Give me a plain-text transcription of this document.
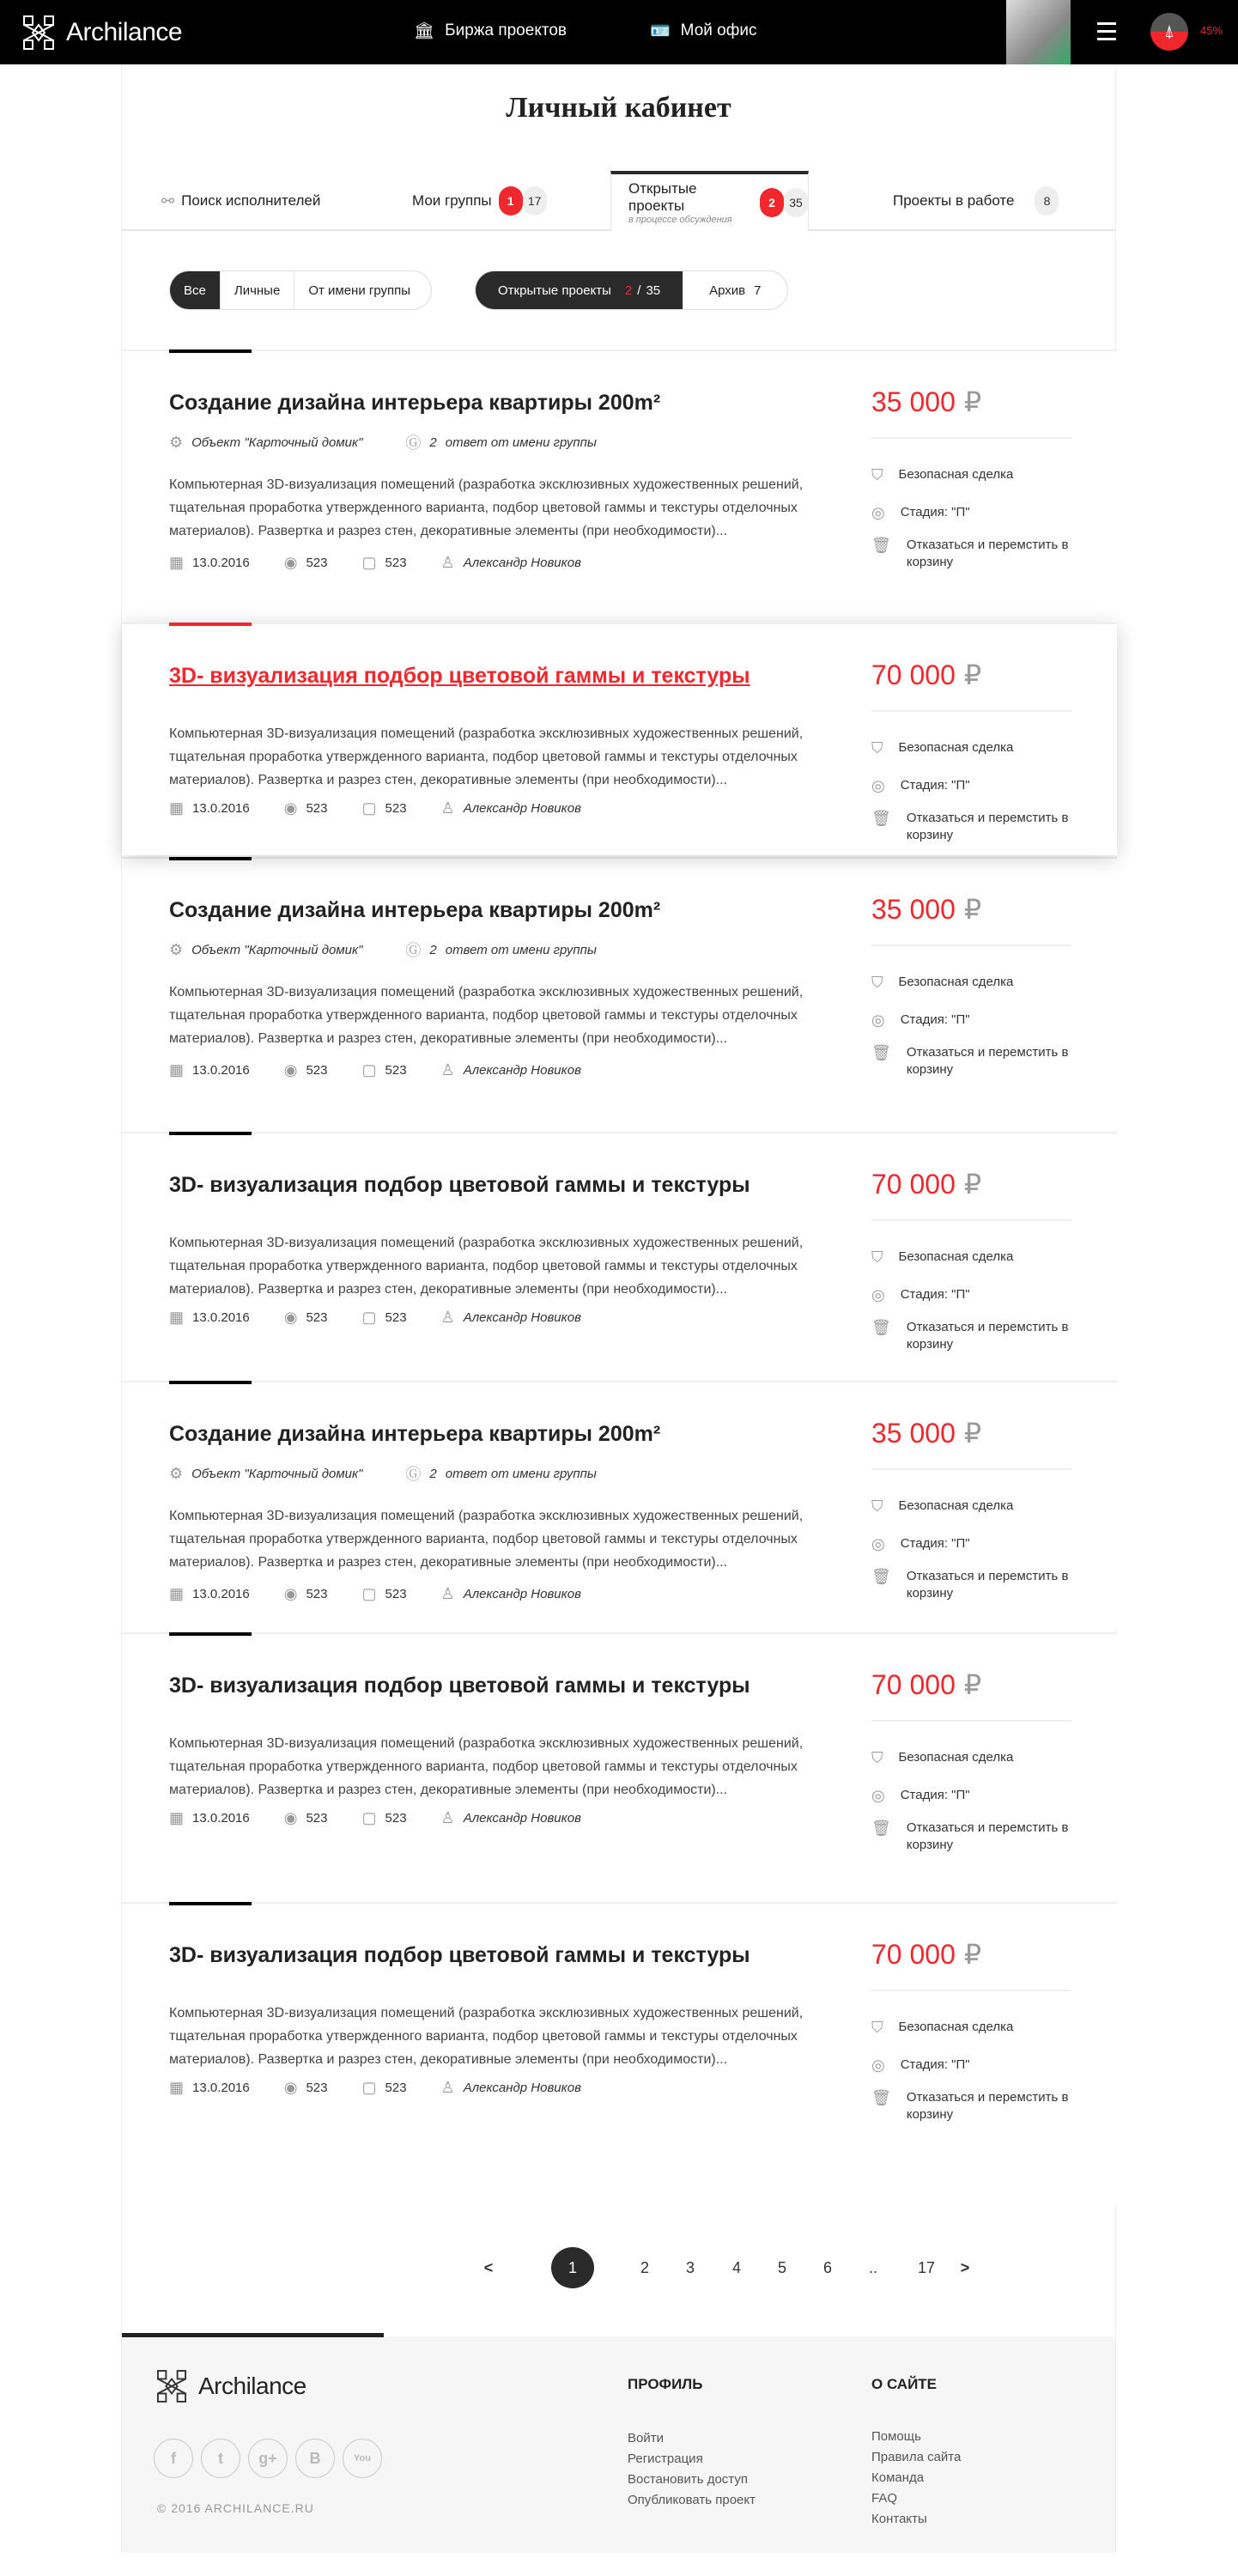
Archilance	🏛 Биржа проектов	🪪 Мой офис	⍋	45%
Личный кабинет
⚯ Поиск исполнителей	Мои группы	1	17
Открытые проекты
в процессе обсуждения
2	35	Проекты в работе	8
Все	Личные	От имени группы	Открытые проекты 2 / 35	Архив 7
Создание дизайна интерьера квартиры 200m²
⚙ Объект "Карточный домик"	Ⓖ 2 ответ от имени группы

Компьютерная 3D-визуализация помещений (разработка эксклюзивных художественных решений, тщательная проработка утвержденного варианта, подбор цветовой гаммы и текстуры отделочных материалов). Развертка и разрез стен, декоративные элементы (при необходимости)...

▦ 13.0.2016 ◉ 523 ▢ 523 ♙ Александр Новиков
35 000 ₽
⛉ Безопасная сделка
◎ Стадия: "П"
🗑 Отказаться и перемстить в корзину
3D- визуализация подбор цветовой гаммы и текстуры

Компьютерная 3D-визуализация помещений (разработка эксклюзивных художественных решений, тщательная проработка утвержденного варианта, подбор цветовой гаммы и текстуры отделочных материалов). Развертка и разрез стен, декоративные элементы (при необходимости)...

▦ 13.0.2016 ◉ 523 ▢ 523 ♙ Александр Новиков
70 000 ₽
⛉ Безопасная сделка
◎ Стадия: "П"
🗑 Отказаться и перемстить в корзину
Создание дизайна интерьера квартиры 200m²
⚙ Объект "Карточный домик"	Ⓖ 2 ответ от имени группы

Компьютерная 3D-визуализация помещений (разработка эксклюзивных художественных решений, тщательная проработка утвержденного варианта, подбор цветовой гаммы и текстуры отделочных материалов). Развертка и разрез стен, декоративные элементы (при необходимости)...

▦ 13.0.2016 ◉ 523 ▢ 523 ♙ Александр Новиков
35 000 ₽
⛉ Безопасная сделка
◎ Стадия: "П"
🗑 Отказаться и перемстить в корзину
3D- визуализация подбор цветовой гаммы и текстуры

Компьютерная 3D-визуализация помещений (разработка эксклюзивных художественных решений, тщательная проработка утвержденного варианта, подбор цветовой гаммы и текстуры отделочных материалов). Развертка и разрез стен, декоративные элементы (при необходимости)...

▦ 13.0.2016 ◉ 523 ▢ 523 ♙ Александр Новиков
70 000 ₽
⛉ Безопасная сделка
◎ Стадия: "П"
🗑 Отказаться и перемстить в корзину
Создание дизайна интерьера квартиры 200m²
⚙ Объект "Карточный домик"	Ⓖ 2 ответ от имени группы

Компьютерная 3D-визуализация помещений (разработка эксклюзивных художественных решений, тщательная проработка утвержденного варианта, подбор цветовой гаммы и текстуры отделочных материалов). Развертка и разрез стен, декоративные элементы (при необходимости)...

▦ 13.0.2016 ◉ 523 ▢ 523 ♙ Александр Новиков
35 000 ₽
⛉ Безопасная сделка
◎ Стадия: "П"
🗑 Отказаться и перемстить в корзину
3D- визуализация подбор цветовой гаммы и текстуры

Компьютерная 3D-визуализация помещений (разработка эксклюзивных художественных решений, тщательная проработка утвержденного варианта, подбор цветовой гаммы и текстуры отделочных материалов). Развертка и разрез стен, декоративные элементы (при необходимости)...

▦ 13.0.2016 ◉ 523 ▢ 523 ♙ Александр Новиков
70 000 ₽
⛉ Безопасная сделка
◎ Стадия: "П"
🗑 Отказаться и перемстить в корзину
3D- визуализация подбор цветовой гаммы и текстуры

Компьютерная 3D-визуализация помещений (разработка эксклюзивных художественных решений, тщательная проработка утвержденного варианта, подбор цветовой гаммы и текстуры отделочных материалов). Развертка и разрез стен, декоративные элементы (при необходимости)...

▦ 13.0.2016 ◉ 523 ▢ 523 ♙ Александр Новиков
70 000 ₽
⛉ Безопасная сделка
◎ Стадия: "П"
🗑 Отказаться и перемстить в корзину
<	1	2	3	4	5	6	..	17	>
Archilance
f	t	g+	B	You
© 2016 ARCHILANCE.RU
ПРОФИЛЬ	О САЙТЕ
Войти
Регистрация
Востановить доступ
Опубликовать проект
Помощь
Правила сайта
Команда
FAQ
Контакты
